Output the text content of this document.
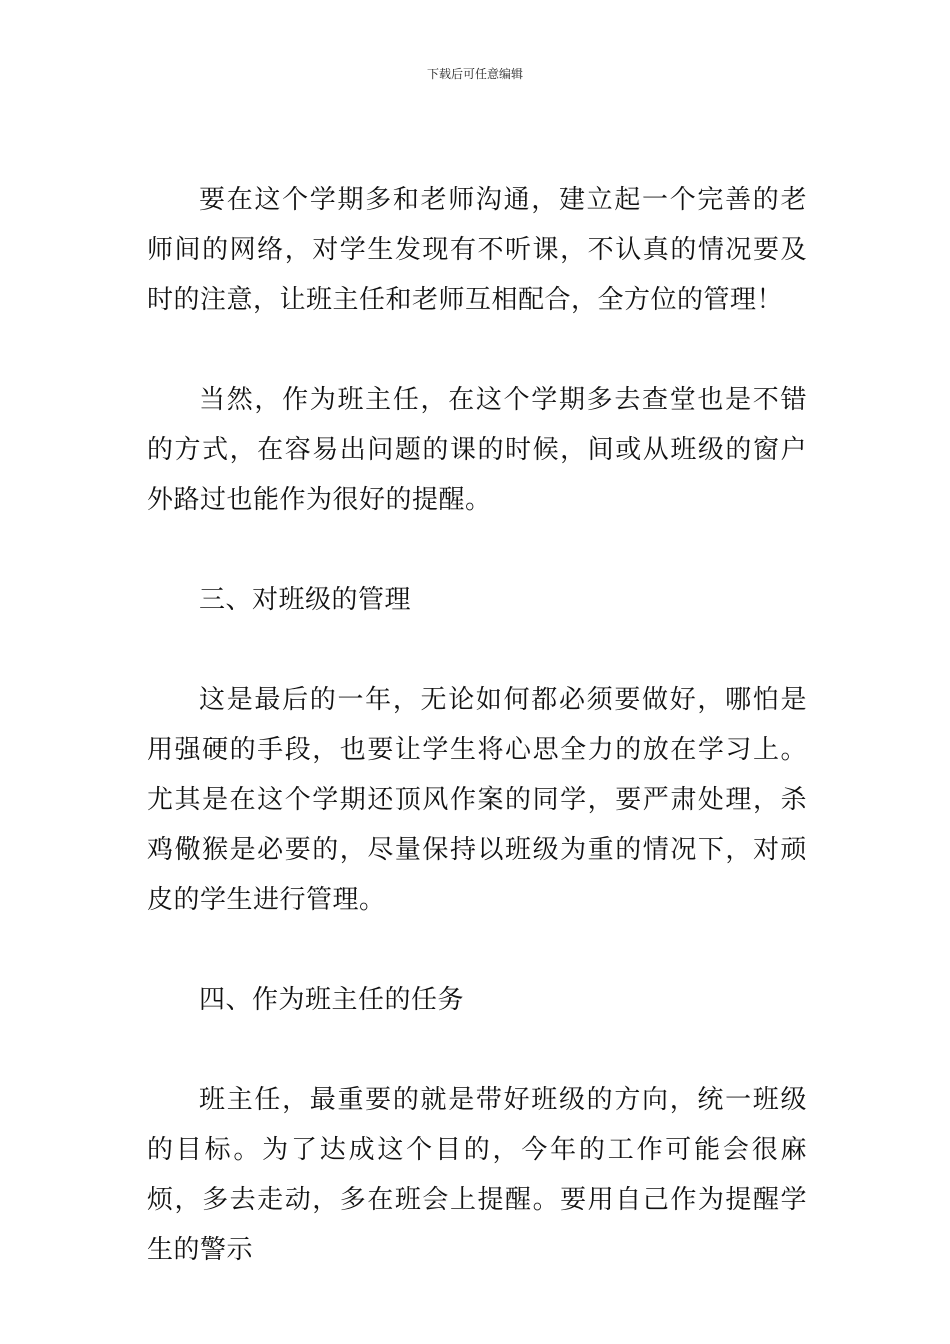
下载后可任意编辑

要在这个学期多和老师沟通，建立起一个完善的老师间的网络，对学生发现有不听课，不认真的情况要及时的注意，让班主任和老师互相配合，全方位的管理！

当然，作为班主任，在这个学期多去查堂也是不错的方式，在容易出问题的课的时候，间或从班级的窗户外路过也能作为很好的提醒。

三、对班级的管理

这是最后的一年，无论如何都必须要做好，哪怕是用强硬的手段，也要让学生将心思全力的放在学习上。尤其是在这个学期还顶风作案的同学，要严肃处理，杀鸡儆猴是必要的，尽量保持以班级为重的情况下，对顽皮的学生进行管理。

四、作为班主任的任务

班主任，最重要的就是带好班级的方向，统一班级的目标。为了达成这个目的，今年的工作可能会很麻烦，多去走动，多在班会上提醒。要用自己作为提醒学生的警示
